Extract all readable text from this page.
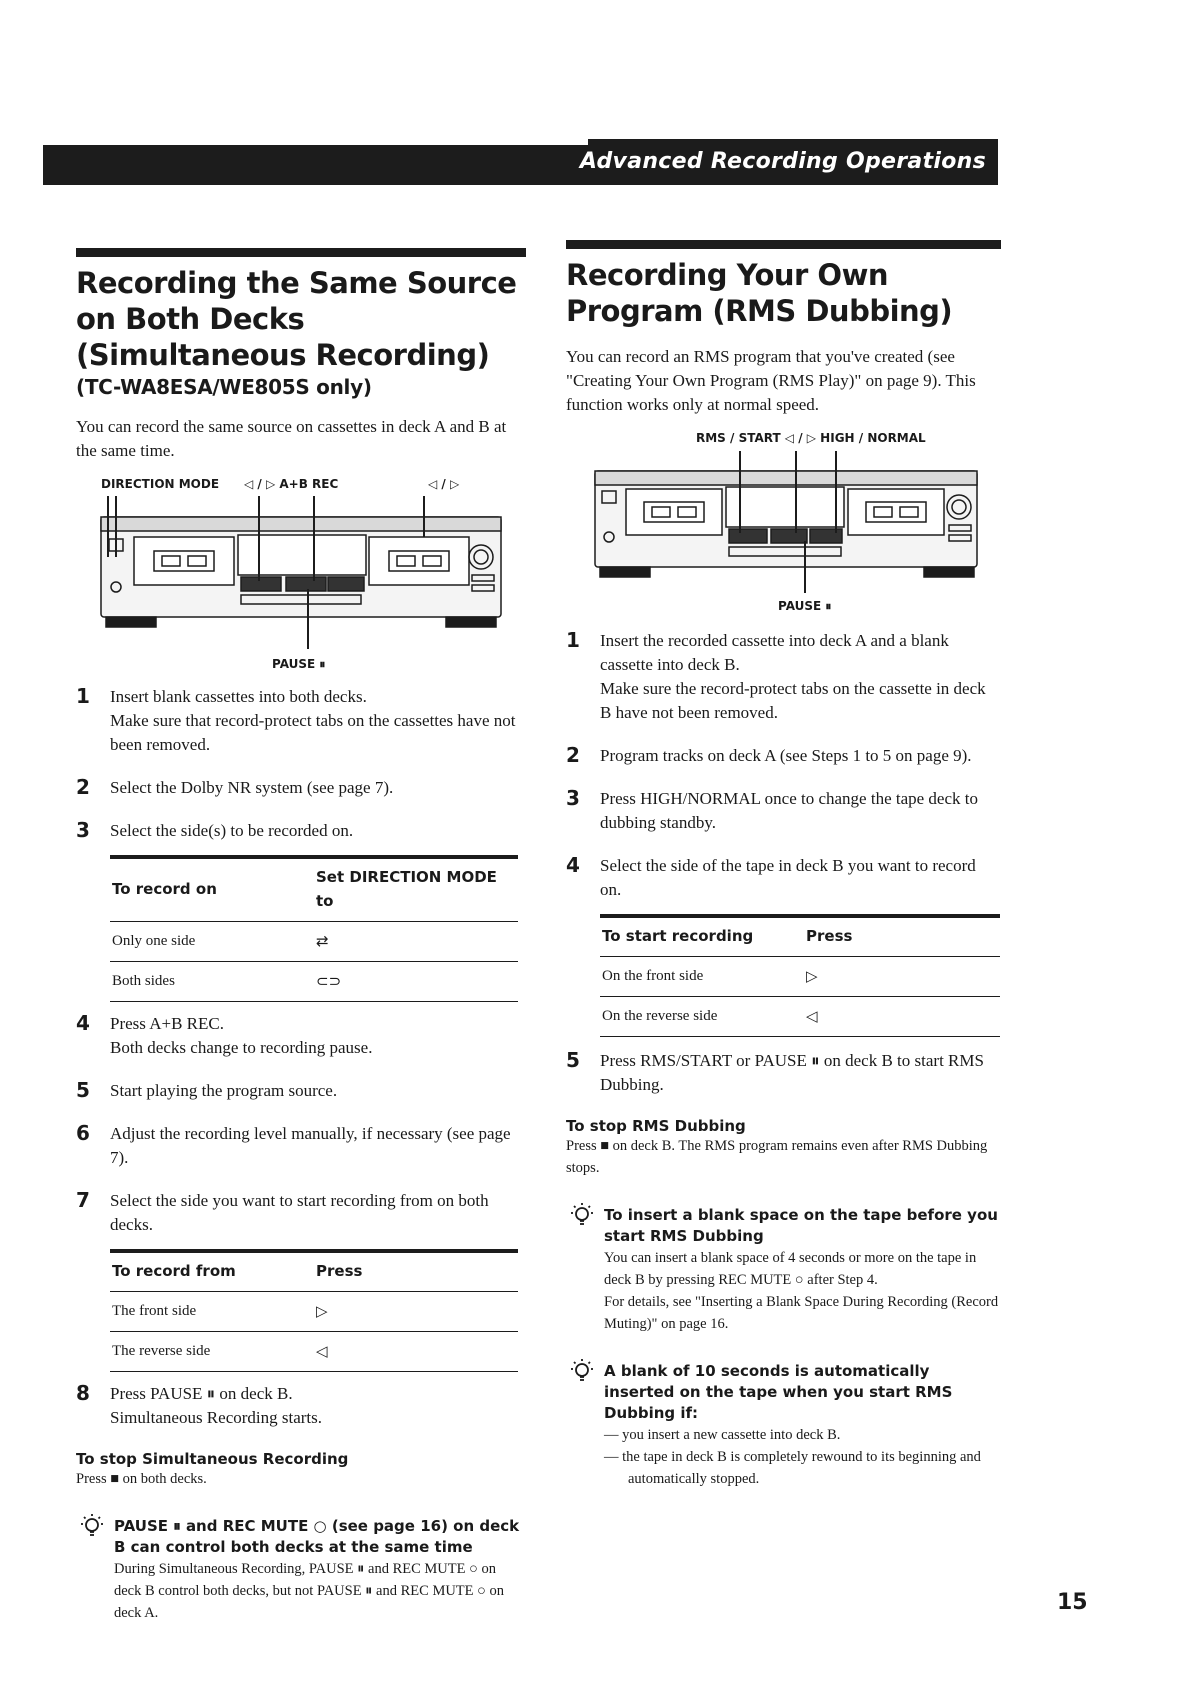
Advanced Recording Operations
Recording the Same Source on Both Decks (Simultaneous Recording)
(TC-WA8ESA/WE805S only)

You can record the same source on cassettes in deck A and B at the same time.

DIRECTION MODE ◁ / ▷ A+B REC	◁ / ▷
PAUSE ⏸
1 Insert blank cassettes into both decks.
Make sure that record-protect tabs on the cassettes have not been removed.
2 Select the Dolby NR system (see page 7).
3 Select the side(s) to be recorded on.
To record on	Set DIRECTION MODE to
Only one side	⇄
Both sides	⊂⊃
4 Press A+B REC.
Both decks change to recording pause.
5 Start playing the program source.
6 Adjust the recording level manually, if necessary (see page 7).
7 Select the side you want to start recording from on both decks.
To record from	Press
The front side	▷
The reverse side	◁
8 Press PAUSE ⏸ on deck B.
Simultaneous Recording starts.
To stop Simultaneous Recording
Press ■ on both decks.
PAUSE ⏸ and REC MUTE ○ (see page 16) on deck B can control both decks at the same time
During Simultaneous Recording, PAUSE ⏸ and REC MUTE ○ on deck B control both decks, but not PAUSE ⏸ and REC MUTE ○ on deck A.
Recording Your Own Program (RMS Dubbing)

You can record an RMS program that you've created (see "Creating Your Own Program (RMS Play)" on page 9). This function works only at normal speed.

RMS / START ◁ / ▷ HIGH / NORMAL
PAUSE ⏸
1 Insert the recorded cassette into deck A and a blank cassette into deck B.
Make sure the record-protect tabs on the cassette in deck B have not been removed.
2 Program tracks on deck A (see Steps 1 to 5 on page 9).
3 Press HIGH/NORMAL once to change the tape deck to dubbing standby.
4 Select the side of the tape in deck B you want to record on.
To start recording	Press
On the front side	▷
On the reverse side	◁
5 Press RMS/START or PAUSE ⏸ on deck B to start RMS Dubbing.
To stop RMS Dubbing
Press ■ on deck B. The RMS program remains even after RMS Dubbing stops.
To insert a blank space on the tape before you start RMS Dubbing
You can insert a blank space of 4 seconds or more on the tape in deck B by pressing REC MUTE ○ after Step 4.
For details, see "Inserting a Blank Space During Recording (Record Muting)" on page 16.
A blank of 10 seconds is automatically inserted on the tape when you start RMS Dubbing if:
— you insert a new cassette into deck B.
— the tape in deck B is completely rewound to its beginning and automatically stopped.
15
